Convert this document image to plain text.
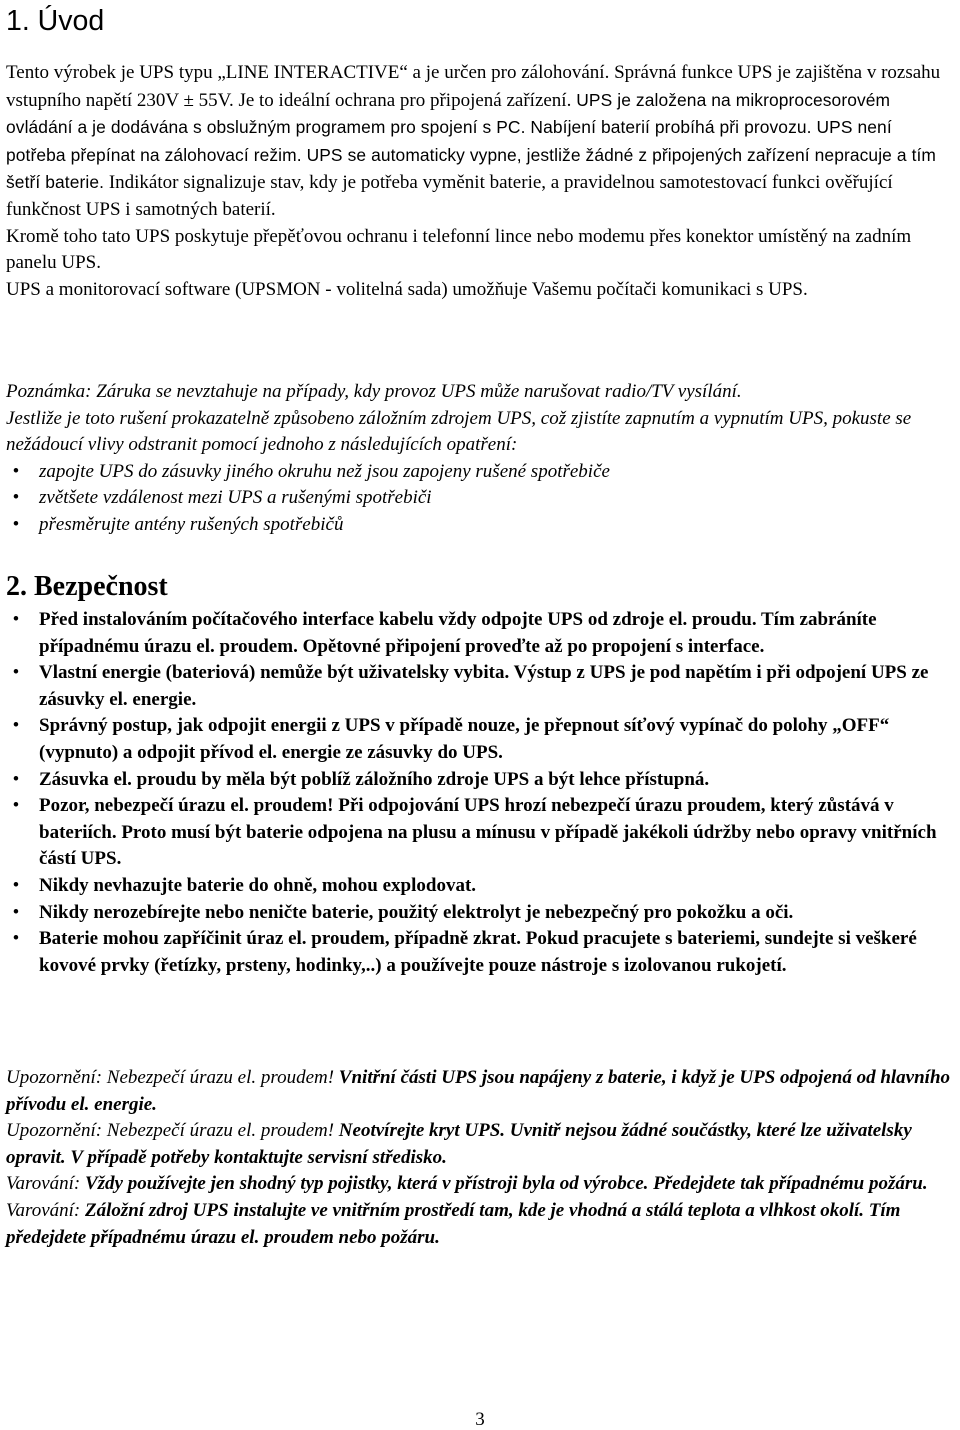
1. Úvod

Tento výrobek je UPS typu „LINE INTERACTIVE“ a je určen pro zálohování. Správná funkce UPS je zajištěna v rozsahu vstupního napětí 230V ± 55V. Je to ideální ochrana pro připojená zařízení. UPS je založena na mikroprocesorovém ovládání a je dodávána s obslužným programem pro spojení s PC. Nabíjení baterií probíhá při provozu. UPS není potřeba přepínat na zálohovací režim. UPS se automaticky vypne, jestliže žádné z připojených zařízení nepracuje a tím šetří baterie. Indikátor signalizuje stav, kdy je potřeba vyměnit baterie, a pravidelnou samotestovací funkci ověřující funkčnost UPS i samotných baterií.

Kromě toho tato UPS poskytuje přepěťovou ochranu i telefonní lince nebo modemu přes konektor umístěný na zadním panelu UPS.

UPS a monitorovací software (UPSMON - volitelná sada) umožňuje Vašemu počítači komunikaci s UPS.

Poznámka: Záruka se nevztahuje na případy, kdy provoz UPS může narušovat radio/TV vysílání.

Jestliže je toto rušení prokazatelně způsobeno záložním zdrojem UPS, což zjistíte zapnutím a vypnutím UPS, pokuste se nežádoucí vlivy odstranit pomocí jednoho z následujících opatření:

•	zapojte UPS do zásuvky jiného okruhu než jsou zapojeny rušené spotřebiče
•	zvětšete vzdálenost mezi UPS a rušenými spotřebiči
•	přesměrujte antény rušených spotřebičů
2. Bezpečnost
•	Před instalováním počítačového interface kabelu vždy odpojte UPS od zdroje el. proudu. Tím zabráníte případnému úrazu el. proudem. Opětovné připojení proveďte až po propojení s interface.
•	Vlastní energie (bateriová) nemůže být uživatelsky vybita. Výstup z UPS je pod napětím i při odpojení UPS ze zásuvky el. energie.
•	Správný postup, jak odpojit energii z UPS v případě nouze, je přepnout síťový vypínač do polohy „OFF“ (vypnuto) a odpojit přívod el. energie ze zásuvky do UPS.
•	Zásuvka el. proudu by měla být poblíž záložního zdroje UPS a být lehce přístupná.
•	Pozor, nebezpečí úrazu el. proudem! Při odpojování UPS hrozí nebezpečí úrazu proudem, který zůstává v bateriích. Proto musí být baterie odpojena na plusu a mínusu v případě jakékoli údržby nebo opravy vnitřních částí UPS.
•	Nikdy nevhazujte baterie do ohně, mohou explodovat.
•	Nikdy nerozebírejte nebo neničte baterie, použitý elektrolyt je nebezpečný pro pokožku a oči.
•	Baterie mohou zapříčinit úraz el. proudem, případně zkrat. Pokud pracujete s bateriemi, sundejte si veškeré kovové prvky (řetízky, prsteny, hodinky,..) a používejte pouze nástroje s izolovanou rukojetí.

Upozornění: Nebezpečí úrazu el. proudem! Vnitřní části UPS jsou napájeny z baterie, i když je UPS odpojená od hlavního přívodu el. energie.

Upozornění: Nebezpečí úrazu el. proudem! Neotvírejte kryt UPS. Uvnitř nejsou žádné součástky, které lze uživatelsky opravit. V případě potřeby kontaktujte servisní středisko.

Varování: Vždy používejte jen shodný typ pojistky, která v přístroji byla od výrobce. Předejdete tak případnému požáru.

Varování: Záložní zdroj UPS instalujte ve vnitřním prostředí tam, kde je vhodná a stálá teplota a vlhkost okolí. Tím předejdete případnému úrazu el. proudem nebo požáru.

3
